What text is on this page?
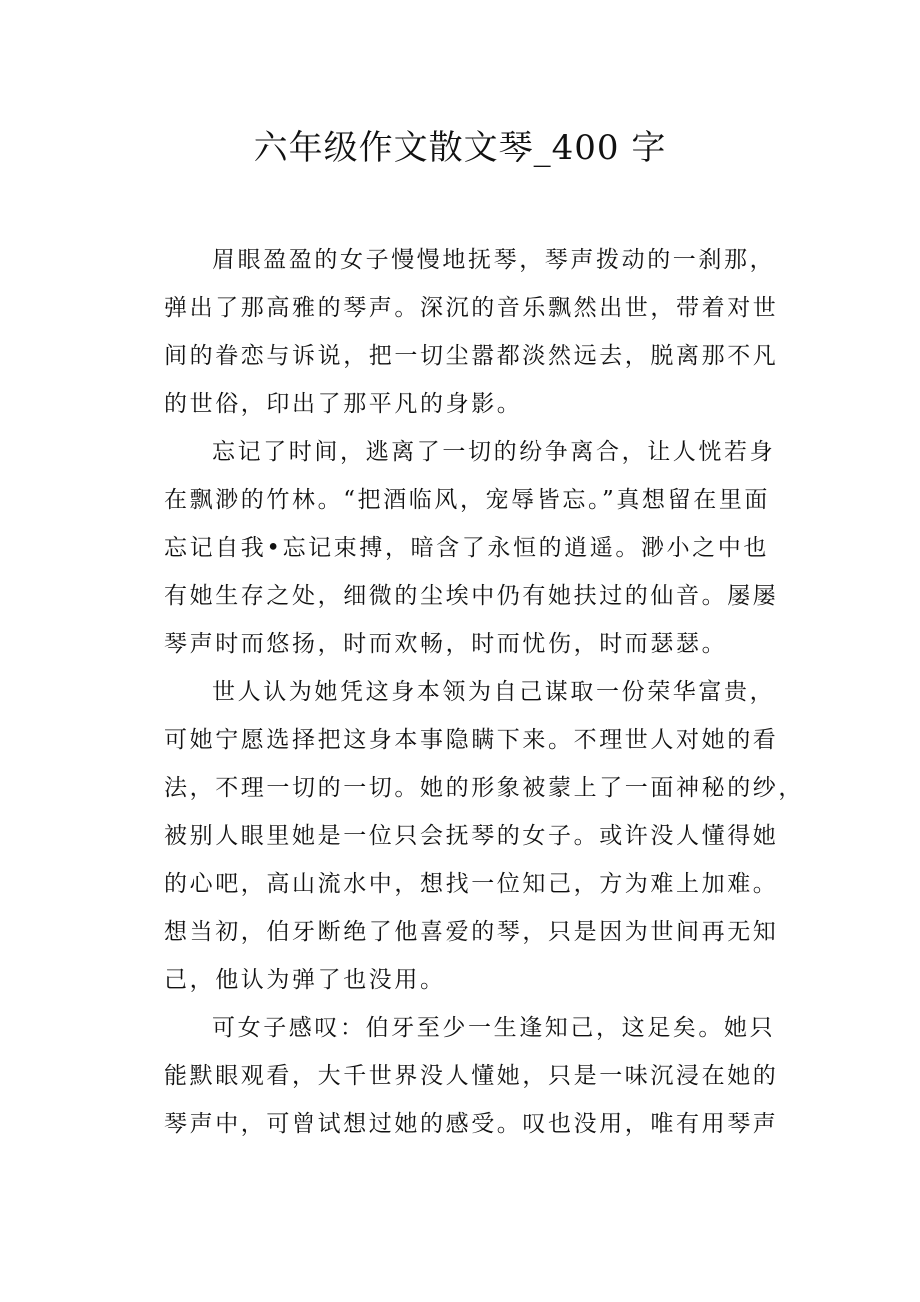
六年级作文散文琴_400 字
眉眼盈盈的女子慢慢地抚琴，琴声拨动的一刹那，
弹出了那高雅的琴声。深沉的音乐飘然出世，带着对世
间的眷恋与诉说，把一切尘嚣都淡然远去，脱离那不凡
的世俗，印出了那平凡的身影。
忘记了时间，逃离了一切的纷争离合，让人恍若身
在飘渺的竹林。“把酒临风，宠辱皆忘。”真想留在里面
忘记自我•忘记束搏，暗含了永恒的逍遥。渺小之中也
有她生存之处，细微的尘埃中仍有她扶过的仙音。屡屡
琴声时而悠扬，时而欢畅，时而忧伤，时而瑟瑟。
世人认为她凭这身本领为自己谋取一份荣华富贵，
可她宁愿选择把这身本事隐瞒下来。不理世人对她的看
法，不理一切的一切。她的形象被蒙上了一面神秘的纱，
被别人眼里她是一位只会抚琴的女子。或许没人懂得她
的心吧，高山流水中，想找一位知己，方为难上加难。
想当初，伯牙断绝了他喜爱的琴，只是因为世间再无知
己，他认为弹了也没用。
可女子感叹：伯牙至少一生逢知己，这足矣。她只
能默眼观看，大千世界没人懂她，只是一味沉浸在她的
琴声中，可曾试想过她的感受。叹也没用，唯有用琴声
